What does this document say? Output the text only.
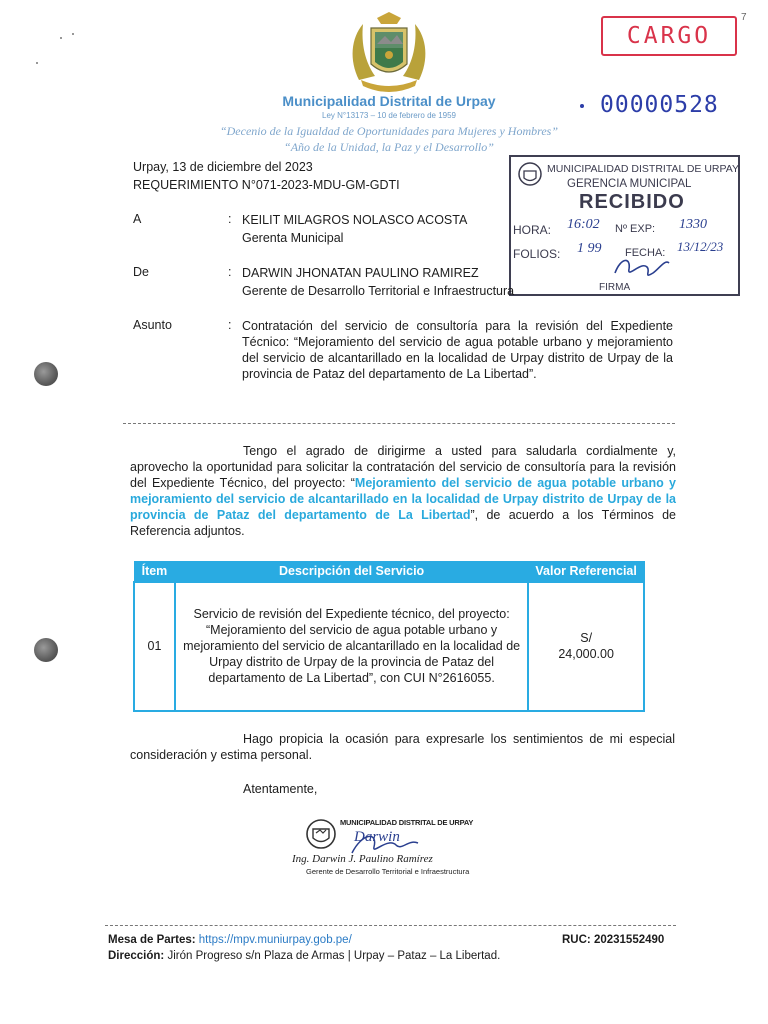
Municipalidad Distrital de Urpay
Ley N°13173 – 10 de febrero de 1959
“Decenio de la Igualdad de Oportunidades para Mujeres y Hombres”
“Año de la Unidad, la Paz y el Desarrollo”
CARGO
7
00000528
MUNICIPALIDAD DISTRITAL DE URPAY
GERENCIA MUNICIPAL
RECIBIDO
HORA: 16:02 Nº EXP: 1330
FOLIOS: 1 99 FECHA: 13/12/23
FIRMA
Urpay, 13 de diciembre del 2023
REQUERIMIENTO N°071-2023-MDU-GM-GDTI
A	: KEILIT MILAGROS NOLASCO ACOSTA
Gerenta Municipal
De	: DARWIN JHONATAN PAULINO RAMIREZ
Gerente de Desarrollo Territorial e Infraestructura
Asunto	: Contratación del servicio de consultoría para la revisión del Expediente Técnico: “Mejoramiento del servicio de agua potable urbano y mejoramiento del servicio de alcantarillado en la localidad de Urpay distrito de Urpay de la provincia de Pataz del departamento de La Libertad”.
Tengo el agrado de dirigirme a usted para saludarla cordialmente y, aprovecho la oportunidad para solicitar la contratación del servicio de consultoría para la revisión del Expediente Técnico, del proyecto: “Mejoramiento del servicio de agua potable urbano y mejoramiento del servicio de alcantarillado en la localidad de Urpay distrito de Urpay de la provincia de Pataz del departamento de La Libertad”, de acuerdo a los Términos de Referencia adjuntos.
Ítem	Descripción del Servicio	Valor Referencial
01	Servicio de revisión del Expediente técnico, del proyecto: “Mejoramiento del servicio de agua potable urbano y mejoramiento del servicio de alcantarillado en la localidad de Urpay distrito de Urpay de la provincia de Pataz del departamento de La Libertad”, con CUI N°2616055.	S/
24,000.00
Hago propicia la ocasión para expresarle los sentimientos de mi especial consideración y estima personal.
Atentamente,
MUNICIPALIDAD DISTRITAL DE URPAY
Darwin
Ing. Darwin J. Paulino Ramírez
Gerente de Desarrollo Territorial e Infraestructura
Mesa de Partes: https://mpv.muniurpay.gob.pe/	RUC: 20231552490
Dirección: Jirón Progreso s/n Plaza de Armas | Urpay – Pataz – La Libertad.
